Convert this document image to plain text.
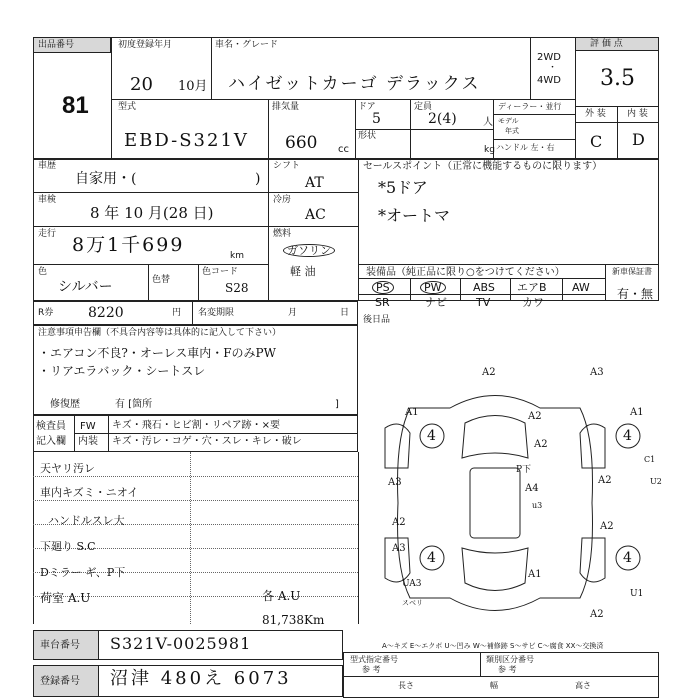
出品番号
81
初度登録年月
20 10月
車名・グレード
ハイゼットカーゴ デラックス
2WD
・
4WD
評 価 点
3.5
型式
EBD-S321V
排気量
660 cc
ドア
5
定員
2(4)	人
ディーラー・並行
モデル
年式
形状
kg ハンドル 左・右
外 装 内 装
C D
車歴
自家用・(	)
シフト
AT
セールスポイント（正常に機能するものに限ります）
*5ドア
*オートマ
車検
8 年 10 月(28 日)
冷房
AC
走行 8万1千699	km
燃料
ガソリン
軽 油
色
シルバー	色替
色コード
S28
装備品（純正品に限り○をつけてください）	新車保証書
有・無
PS	PW	ABS エアB AW
SR	ナビ	TV	カワ
R券 8220	円 名変期限	月	日
後日品
注意事項申告欄（不具合内容等は具体的に記入して下さい）
・エアコン不良?・オーレス車内・FのみPW
・リアエラバック・シートスレ
修復歴	有 [箇所	]
検査員
記入欄
FW
内装
キズ・飛石・ヒビ割・リペア跡・×要
キズ・汚レ・コゲ・穴・スレ・キレ・破レ
天ヤリ汚レ
車内キズミ・ニオイ
ハンドルスレ大
下廻り S.C
Dミラー ギ、P下
荷室 A.U	各 A.U
81,738Km
4	4
4	4
A2	A3
A1	A2	A1
A3
A2
A4
P下
u3
A2
C1
U2
A2
A3
A2
A1
UA3
A2
U1
スベリ
A～キズ E～エクボ U～凹み W～補修跡 S～サビ C～腐食 XX～交換済
車台番号 S321V-0025981
登録番号 沼津 480え 6073
型式指定番号
参 考
類別区分番号
参 考
長さ	幅	高さ
